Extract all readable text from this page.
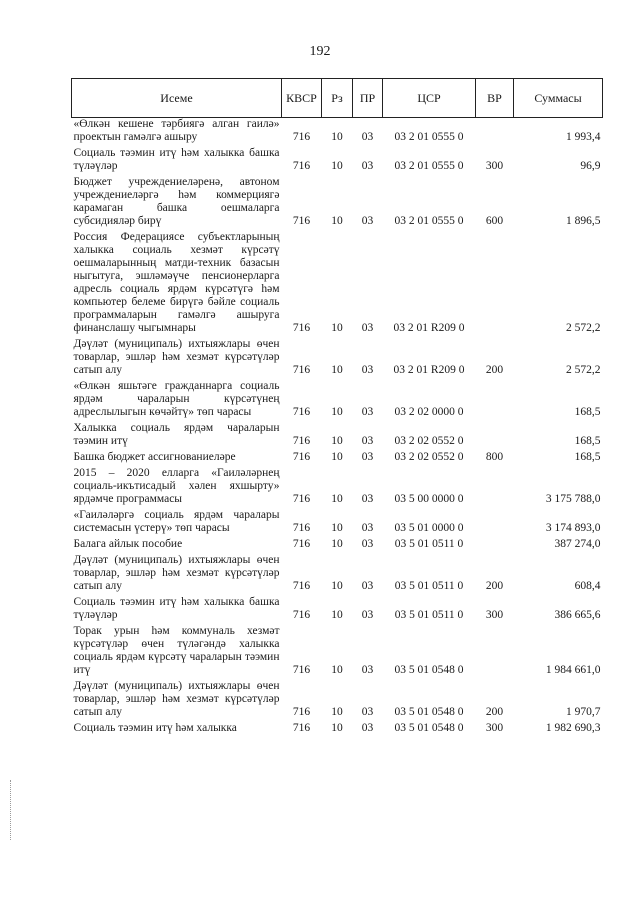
192
Исеме	КВСР	Рз	ПР	ЦСР	ВР	Суммасы
«Өлкән кешене тәрбиягә алган гаилә» проектын гамәлгә ашыру	716	10	03	03 2 01 0555 0		1 993,4
Социаль тәэмин итү һәм халыкка башка түләүләр	716	10	03	03 2 01 0555 0	300	96,9
Бюджет учреждениеләренә, автоном учреждениеләргә һәм коммерциягә карамаган башка оешмаларга субсидияләр бирү	716	10	03	03 2 01 0555 0	600	1 896,5
Россия Федерациясе субъектларының халыкка социаль хезмәт күрсәтү оешмаларынның матди-техник базасын ныгытуга, эшләмәүче пенсионерларга адресль социаль ярдәм күрсәтүгә һәм компьютер белеме бирүгә бәйле социаль программаларын гамәлгә ашыруга финанслашу чыгымнары	716	10	03	03 2 01 R209 0		2 572,2
Дәүләт (муниципаль) ихтыяжлары өчен товарлар, эшләр һәм хезмәт күрсәтүләр сатып алу	716	10	03	03 2 01 R209 0	200	2 572,2
«Өлкән яшьтәге гражданнарга социаль ярдәм чараларын күрсәтүнең адреслылыгын көчәйтү» төп чарасы	716	10	03	03 2 02 0000 0		168,5
Халыкка социаль ярдәм чараларын тәэмин итү	716	10	03	03 2 02 0552 0		168,5
Башка бюджет ассигнованиеләре	716	10	03	03 2 02 0552 0	800	168,5
2015 – 2020 елларга «Гаиләләрнең социаль-икътисадый хәлен яхшырту» ярдәмче программасы	716	10	03	03 5 00 0000 0		3 175 788,0
«Гаиләләргә социаль ярдәм чаралары системасын үстерү» төп чарасы	716	10	03	03 5 01 0000 0		3 174 893,0
Балага айлык пособие	716	10	03	03 5 01 0511 0		387 274,0
Дәүләт (муниципаль) ихтыяжлары өчен товарлар, эшләр һәм хезмәт күрсәтүләр сатып алу	716	10	03	03 5 01 0511 0	200	608,4
Социаль тәэмин итү һәм халыкка башка түләүләр	716	10	03	03 5 01 0511 0	300	386 665,6
Торак урын һәм коммуналь хезмәт күрсәтүләр өчен түләгәндә халыкка социаль ярдәм күрсәтү чараларын тәэмин итү	716	10	03	03 5 01 0548 0		1 984 661,0
Дәүләт (муниципаль) ихтыяжлары өчен товарлар, эшләр һәм хезмәт күрсәтүләр сатып алу	716	10	03	03 5 01 0548 0	200	1 970,7
Социаль тәэмин итү һәм халыкка	716	10	03	03 5 01 0548 0	300	1 982 690,3
